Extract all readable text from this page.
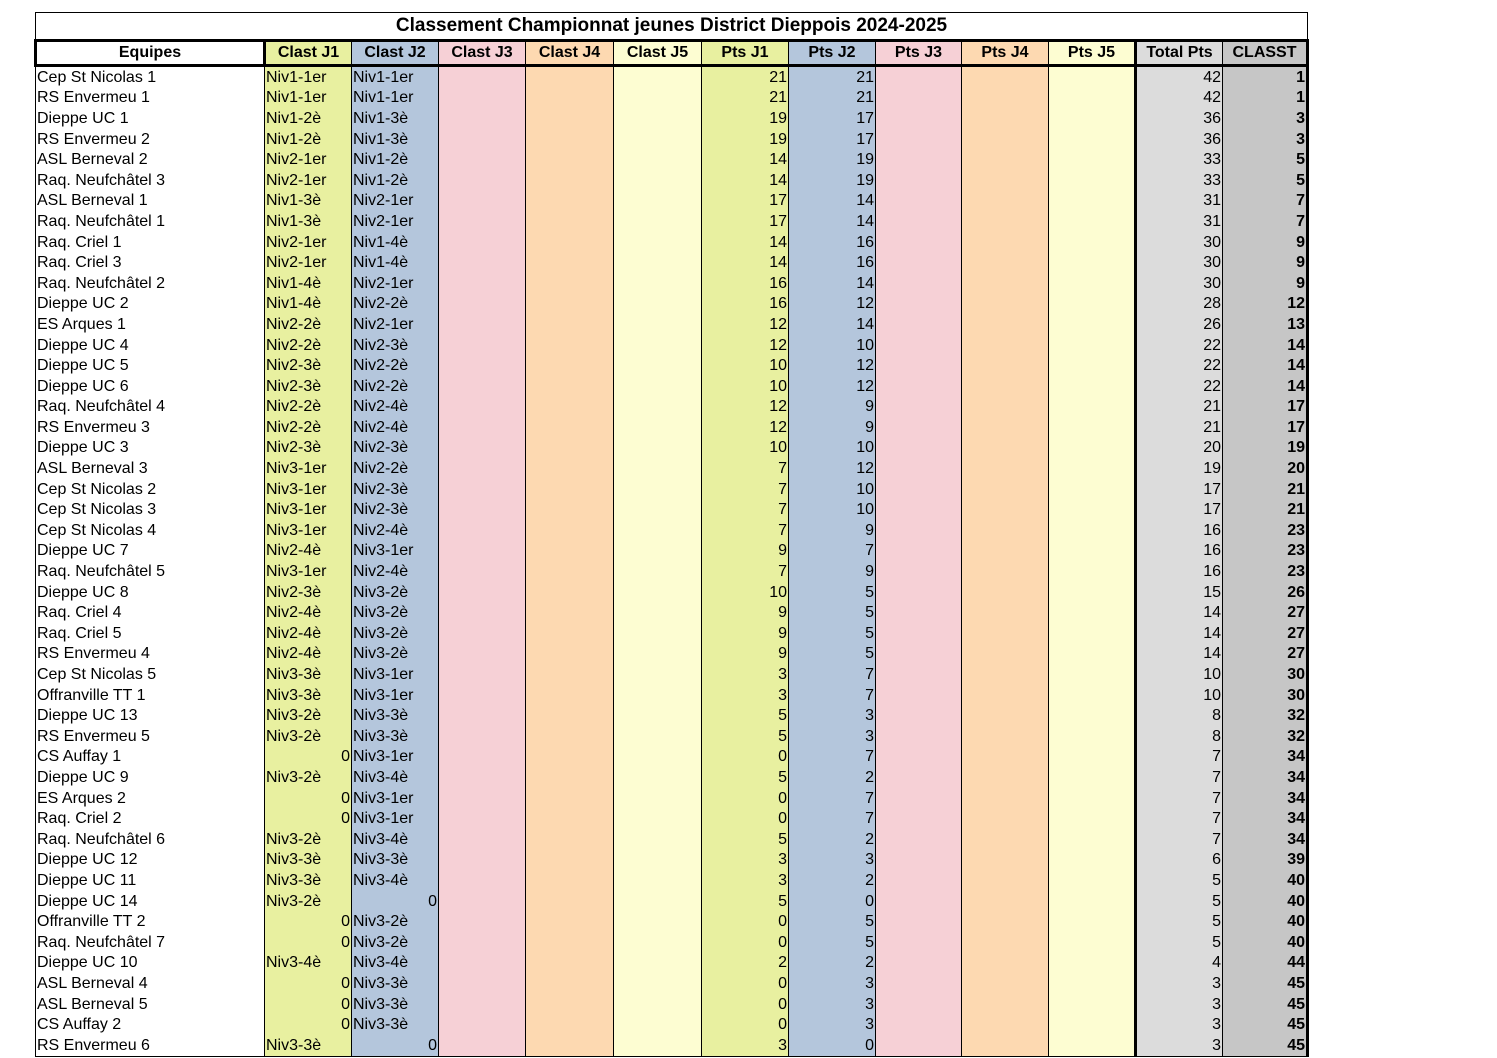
Classement Championnat jeunes District Dieppois 2024-2025												
Equipes	Clast J1	Clast J2	Clast J3	Clast J4	Clast J5	Pts J1	Pts J2	Pts J3	Pts J4	Pts J5	Total Pts	CLASST
Cep St Nicolas 1	Niv1-1er	Niv1-1er				21	21				42	1
RS Envermeu 1	Niv1-1er	Niv1-1er				21	21				42	1
Dieppe UC 1	Niv1-2è	Niv1-3è				19	17				36	3
RS Envermeu 2	Niv1-2è	Niv1-3è				19	17				36	3
ASL Berneval 2	Niv2-1er	Niv1-2è				14	19				33	5
Raq. Neufchâtel 3	Niv2-1er	Niv1-2è				14	19				33	5
ASL Berneval 1	Niv1-3è	Niv2-1er				17	14				31	7
Raq. Neufchâtel 1	Niv1-3è	Niv2-1er				17	14				31	7
Raq. Criel 1	Niv2-1er	Niv1-4è				14	16				30	9
Raq. Criel 3	Niv2-1er	Niv1-4è				14	16				30	9
Raq. Neufchâtel 2	Niv1-4è	Niv2-1er				16	14				30	9
Dieppe UC 2	Niv1-4è	Niv2-2è				16	12				28	12
ES Arques 1	Niv2-2è	Niv2-1er				12	14				26	13
Dieppe UC 4	Niv2-2è	Niv2-3è				12	10				22	14
Dieppe UC 5	Niv2-3è	Niv2-2è				10	12				22	14
Dieppe UC 6	Niv2-3è	Niv2-2è				10	12				22	14
Raq. Neufchâtel 4	Niv2-2è	Niv2-4è				12	9				21	17
RS Envermeu 3	Niv2-2è	Niv2-4è				12	9				21	17
Dieppe UC 3	Niv2-3è	Niv2-3è				10	10				20	19
ASL Berneval 3	Niv3-1er	Niv2-2è				7	12				19	20
Cep St Nicolas 2	Niv3-1er	Niv2-3è				7	10				17	21
Cep St Nicolas 3	Niv3-1er	Niv2-3è				7	10				17	21
Cep St Nicolas 4	Niv3-1er	Niv2-4è				7	9				16	23
Dieppe UC 7	Niv2-4è	Niv3-1er				9	7				16	23
Raq. Neufchâtel 5	Niv3-1er	Niv2-4è				7	9				16	23
Dieppe UC 8	Niv2-3è	Niv3-2è				10	5				15	26
Raq. Criel 4	Niv2-4è	Niv3-2è				9	5				14	27
Raq. Criel 5	Niv2-4è	Niv3-2è				9	5				14	27
RS Envermeu 4	Niv2-4è	Niv3-2è				9	5				14	27
Cep St Nicolas 5	Niv3-3è	Niv3-1er				3	7				10	30
Offranville TT 1	Niv3-3è	Niv3-1er				3	7				10	30
Dieppe UC 13	Niv3-2è	Niv3-3è				5	3				8	32
RS Envermeu 5	Niv3-2è	Niv3-3è				5	3				8	32
CS Auffay 1	0	Niv3-1er				0	7				7	34
Dieppe UC 9	Niv3-2è	Niv3-4è				5	2				7	34
ES Arques 2	0	Niv3-1er				0	7				7	34
Raq. Criel 2	0	Niv3-1er				0	7				7	34
Raq. Neufchâtel 6	Niv3-2è	Niv3-4è				5	2				7	34
Dieppe UC 12	Niv3-3è	Niv3-3è				3	3				6	39
Dieppe UC 11	Niv3-3è	Niv3-4è				3	2				5	40
Dieppe UC 14	Niv3-2è	0				5	0				5	40
Offranville TT 2	0	Niv3-2è				0	5				5	40
Raq. Neufchâtel 7	0	Niv3-2è				0	5				5	40
Dieppe UC 10	Niv3-4è	Niv3-4è				2	2				4	44
ASL Berneval 4	0	Niv3-3è				0	3				3	45
ASL Berneval 5	0	Niv3-3è				0	3				3	45
CS Auffay 2	0	Niv3-3è				0	3				3	45
RS Envermeu 6	Niv3-3è	0				3	0				3	45
